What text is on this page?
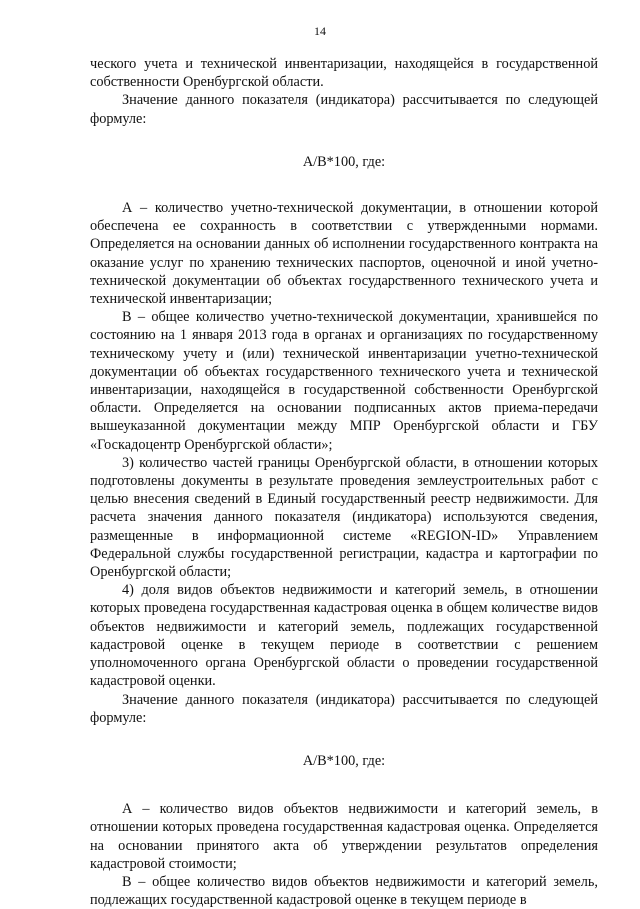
14

ческого учета и технической инвентаризации, находящейся в государственной собственности Оренбургской области.

Значение данного показателя (индикатора) рассчитывается по следующей формуле:

А/В*100, где:

А – количество учетно-технической документации, в отношении которой обеспечена ее сохранность в соответствии с утвержденными нормами. Определяется на основании данных об исполнении государственного контракта на оказание услуг по хранению технических паспортов, оценочной и иной учетно-технической документации об объектах государственного технического учета и технической инвентаризации;

В – общее количество учетно-технической документации, хранившейся по состоянию на 1 января 2013 года в органах и организациях по государственному техническому учету и (или) технической инвентаризации учетно-технической документации об объектах государственного технического учета и технической инвентаризации, находящейся в государственной собственности Оренбургской области. Определяется на основании подписанных актов приема-передачи вышеуказанной документации между МПР Оренбургской области и ГБУ «Госкадоцентр Оренбургской области»;

3) количество частей границы Оренбургской области, в отношении которых подготовлены документы в результате проведения землеустроительных работ с целью внесения сведений в Единый государственный реестр недвижимости. Для расчета значения данного показателя (индикатора) используются сведения, размещенные в информационной системе «REGION-ID» Управлением Федеральной службы государственной регистрации, кадастра и картографии по Оренбургской области;

4) доля видов объектов недвижимости и категорий земель, в отношении которых проведена государственная кадастровая оценка в общем количестве видов объектов недвижимости и категорий земель, подлежащих государственной кадастровой оценке в текущем периоде в соответствии с решением уполномоченного органа Оренбургской области о проведении государственной кадастровой оценки.

Значение данного показателя (индикатора) рассчитывается по следующей формуле:

А/В*100, где:

А – количество видов объектов недвижимости и категорий земель, в отношении которых проведена государственная кадастровая оценка. Определяется на основании принятого акта об утверждении результатов определения кадастровой стоимости;

В – общее количество видов объектов недвижимости и категорий земель, подлежащих государственной кадастровой оценке в текущем периоде в
